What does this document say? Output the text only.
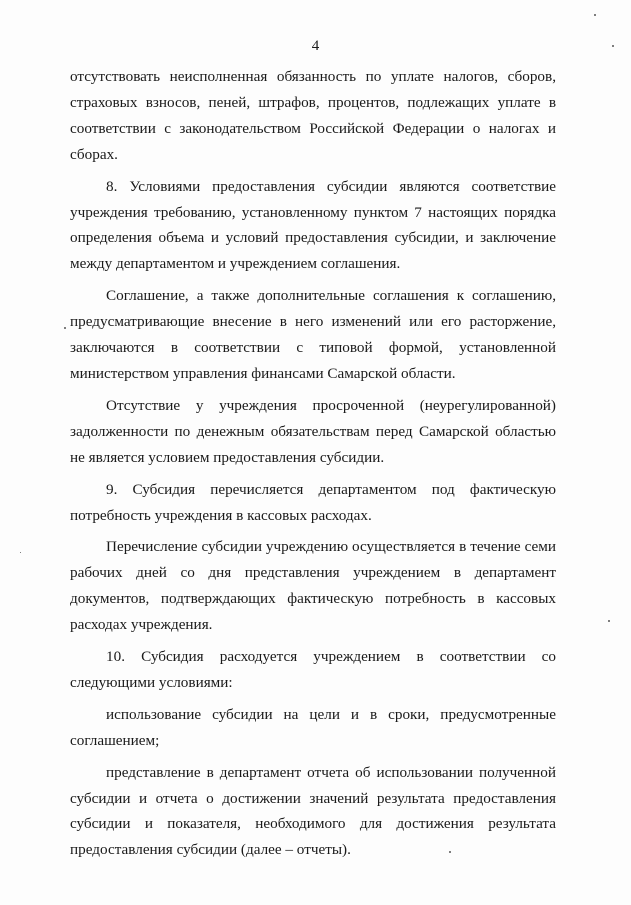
4

отсутствовать неисполненная обязанность по уплате налогов, сборов, страховых взносов, пеней, штрафов, процентов, подлежащих уплате в соответствии с законодательством Российской Федерации о налогах и сборах.

8. Условиями предоставления субсидии являются соответствие учреждения требованию, установленному пунктом 7 настоящих порядка определения объема и условий предоставления субсидии, и заключение между департаментом и учреждением соглашения.

Соглашение, а также дополнительные соглашения к соглашению, предусматривающие внесение в него изменений или его расторжение, заключаются в соответствии с типовой формой, установленной министерством управления финансами Самарской области.

Отсутствие у учреждения просроченной (неурегулированной) задолженности по денежным обязательствам перед Самарской областью не является условием предоставления субсидии.

9. Субсидия перечисляется департаментом под фактическую потребность учреждения в кассовых расходах.

Перечисление субсидии учреждению осуществляется в течение семи рабочих дней со дня представления учреждением в департамент документов, подтверждающих фактическую потребность в кассовых расходах учреждения.

10. Субсидия расходуется учреждением в соответствии со следующими условиями:

использование субсидии на цели и в сроки, предусмотренные соглашением;

представление в департамент отчета об использовании полученной субсидии и отчета о достижении значений результата предоставления субсидии и показателя, необходимого для достижения результата предоставления субсидии (далее – отчеты).
